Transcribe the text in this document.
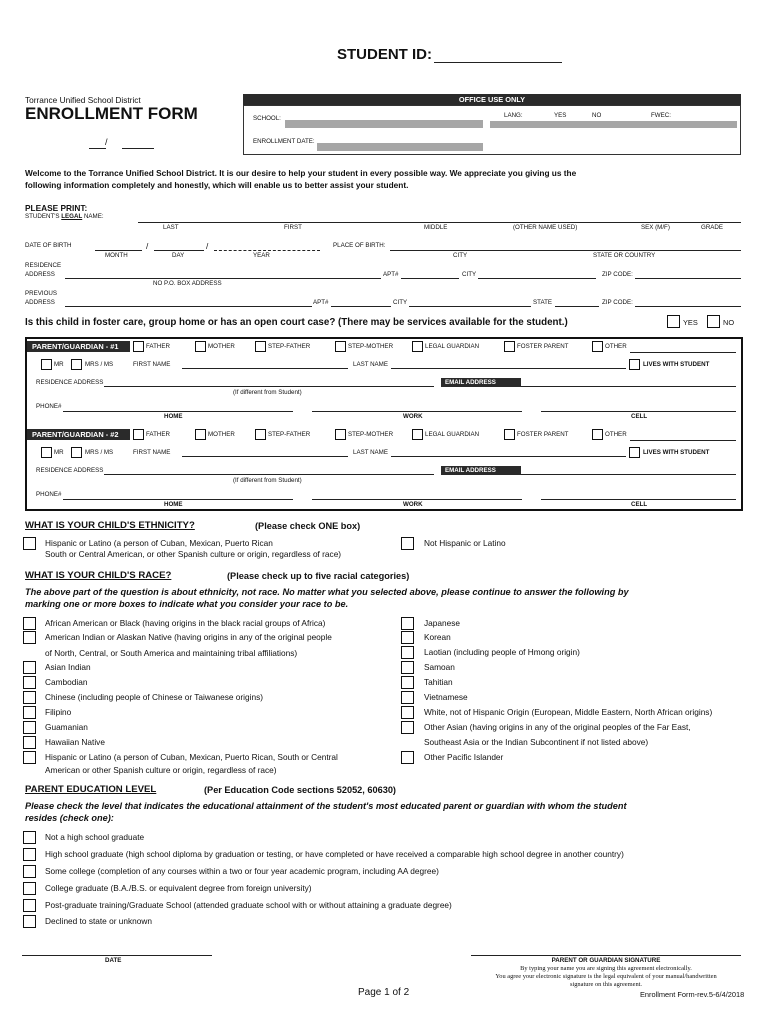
STUDENT ID:
Torrance Unified School District
ENROLLMENT FORM
/
OFFICE USE ONLY
SCHOOL:	LANG:	YES	NO	FWEC:
ENROLLMENT DATE:
Welcome to the Torrance Unified School District. It is our desire to help your student in every possible way. We appreciate you giving us the
following information completely and honestly, which will enable us to better assist your student.
PLEASE PRINT:
STUDENT'S LEGAL NAME:
LAST	FIRST	MIDDLE	(OTHER NAME USED)	SEX (M/F)	GRADE
DATE OF BIRTH	/	/
MONTH	DAY	YEAR
PLACE OF BIRTH:
CITY	STATE OR COUNTRY
RESIDENCE
ADDRESS	APT#	CITY	ZIP CODE:
NO P.O. BOX ADDRESS
PREVIOUS
ADDRESS	APT#	CITY	STATE	ZIP CODE:
Is this child in foster care, group home or has an open court case? (There may be services available for the student.)	YES	NO
PARENT/GUARDIAN - #1	FATHER	MOTHER	STEP-FATHER	STEP-MOTHER	LEGAL GUARDIAN	FOSTER PARENT	OTHER
MR	MRS / MS	FIRST NAME	LAST NAME	LIVES WITH STUDENT
RESIDENCE ADDRESS	EMAIL ADDRESS
(If different from Student)
PHONE#
HOME	WORK	CELL
PARENT/GUARDIAN - #2	FATHER	MOTHER	STEP-FATHER	STEP-MOTHER	LEGAL GUARDIAN	FOSTER PARENT	OTHER
MR	MRS / MS	FIRST NAME	LAST NAME	LIVES WITH STUDENT
RESIDENCE ADDRESS	EMAIL ADDRESS
(If different from Student)
PHONE#
HOME	WORK	CELL
WHAT IS YOUR CHILD'S ETHNICITY?	(Please check ONE box)
Hispanic or Latino (a person of Cuban, Mexican, Puerto Rican
South or Central American, or other Spanish culture or origin, regardless of race)
Not Hispanic or Latino
WHAT IS YOUR CHILD'S RACE?	(Please check up to five racial categories)
The above part of the question is about ethnicity, not race. No matter what you selected above, please continue to answer the following by
marking one or more boxes to indicate what you consider your race to be.
African American or Black (having origins in the black racial groups of Africa)
American Indian or Alaskan Native (having origins in any of the original people
of North, Central, or South America and maintaining tribal affiliations)
Asian Indian
Cambodian
Chinese (including people of Chinese or Taiwanese origins)
Filipino
Guamanian
Hawaiian Native
Hispanic or Latino (a person of Cuban, Mexican, Puerto Rican, South or Central
American or other Spanish culture or origin, regardless of race)
Japanese
Korean
Laotian (including people of Hmong origin)
Samoan
Tahitian
Vietnamese
White, not of Hispanic Origin (European, Middle Eastern, North African origins)
Other Asian (having origins in any of the original peoples of the Far East,
Southeast Asia or the Indian Subcontinent if not listed above)
Other Pacific Islander
PARENT EDUCATION LEVEL	(Per Education Code sections 52052, 60630)
Please check the level that indicates the educational attainment of the student's most educated parent or guardian with whom the student
resides (check one):
Not a high school graduate
High school graduate (high school diploma by graduation or testing, or have completed or have received a comparable high school degree in another country)
Some college (completion of any courses within a two or four year academic program, including AA degree)
College graduate (B.A./B.S. or equivalent degree from foreign university)
Post-graduate training/Graduate School (attended graduate school with or without attaining a graduate degree)
Declined to state or unknown
DATE	PARENT OR GUARDIAN SIGNATURE
By typing your name you are signing this agreement electronically.
You agree your electronic signature is the legal equivalent of your manual/handwritten
signature on this agreement.
Page 1 of 2	Enrollment Form-rev.5-6/4/2018
